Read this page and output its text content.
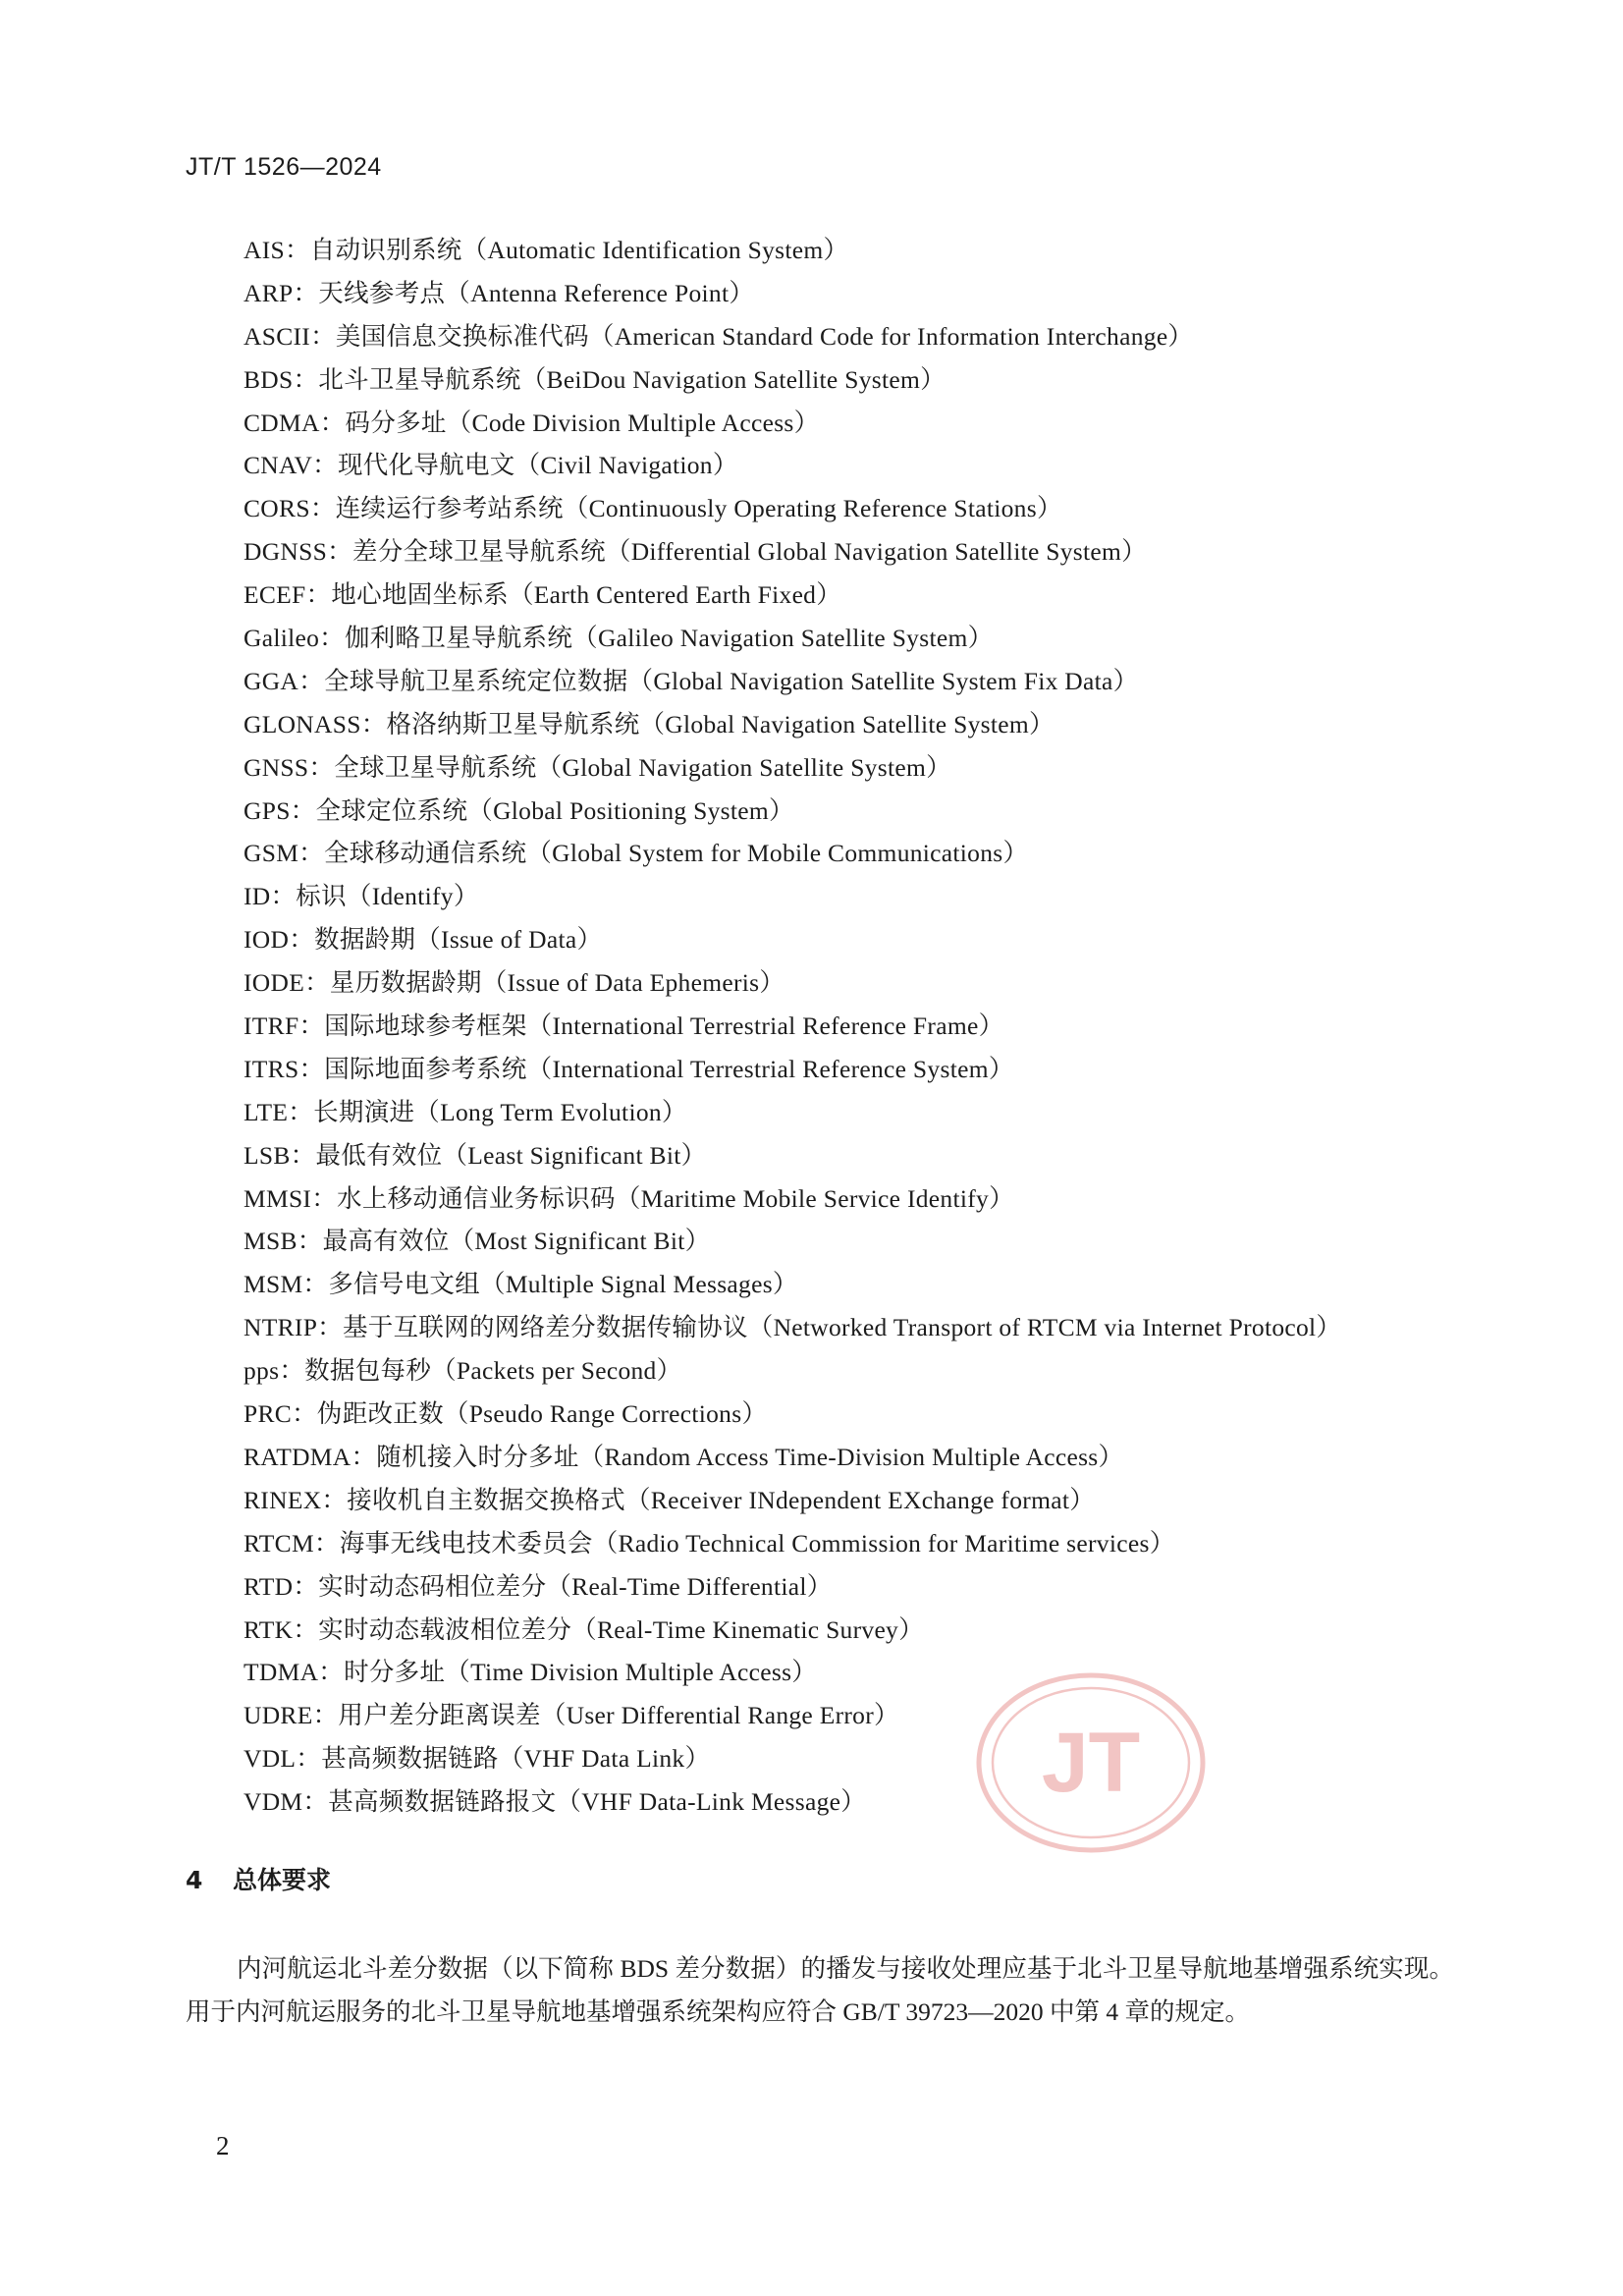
JT/T 1526—2024
AIS：自动识别系统（Automatic Identification System）
ARP：天线参考点（Antenna Reference Point）
ASCII：美国信息交换标准代码（American Standard Code for Information Interchange）
BDS：北斗卫星导航系统（BeiDou Navigation Satellite System）
CDMA：码分多址（Code Division Multiple Access）
CNAV：现代化导航电文（Civil Navigation）
CORS：连续运行参考站系统（Continuously Operating Reference Stations）
DGNSS：差分全球卫星导航系统（Differential Global Navigation Satellite System）
ECEF：地心地固坐标系（Earth Centered Earth Fixed）
Galileo：伽利略卫星导航系统（Galileo Navigation Satellite System）
GGA：全球导航卫星系统定位数据（Global Navigation Satellite System Fix Data）
GLONASS：格洛纳斯卫星导航系统（Global Navigation Satellite System）
GNSS：全球卫星导航系统（Global Navigation Satellite System）
GPS：全球定位系统（Global Positioning System）
GSM：全球移动通信系统（Global System for Mobile Communications）
ID：标识（Identify）
IOD：数据龄期（Issue of Data）
IODE：星历数据龄期（Issue of Data Ephemeris）
ITRF：国际地球参考框架（International Terrestrial Reference Frame）
ITRS：国际地面参考系统（International Terrestrial Reference System）
LTE：长期演进（Long Term Evolution）
LSB：最低有效位（Least Significant Bit）
MMSI：水上移动通信业务标识码（Maritime Mobile Service Identify）
MSB：最高有效位（Most Significant Bit）
MSM：多信号电文组（Multiple Signal Messages）
NTRIP：基于互联网的网络差分数据传输协议（Networked Transport of RTCM via Internet Protocol）
pps：数据包每秒（Packets per Second）
PRC：伪距改正数（Pseudo Range Corrections）
RATDMA：随机接入时分多址（Random Access Time-Division Multiple Access）
RINEX：接收机自主数据交换格式（Receiver INdependent EXchange format）
RTCM：海事无线电技术委员会（Radio Technical Commission for Maritime services）
RTD：实时动态码相位差分（Real-Time Differential）
RTK：实时动态载波相位差分（Real-Time Kinematic Survey）
TDMA：时分多址（Time Division Multiple Access）
UDRE：用户差分距离误差（User Differential Range Error）
VDL：甚高频数据链路（VHF Data Link）
VDM：甚高频数据链路报文（VHF Data-Link Message）
4 总体要求

内河航运北斗差分数据（以下简称 BDS 差分数据）的播发与接收处理应基于北斗卫星导航地基增强系统实现。用于内河航运服务的北斗卫星导航地基增强系统架构应符合 GB/T 39723—2020 中第 4 章的规定。

JT

2
